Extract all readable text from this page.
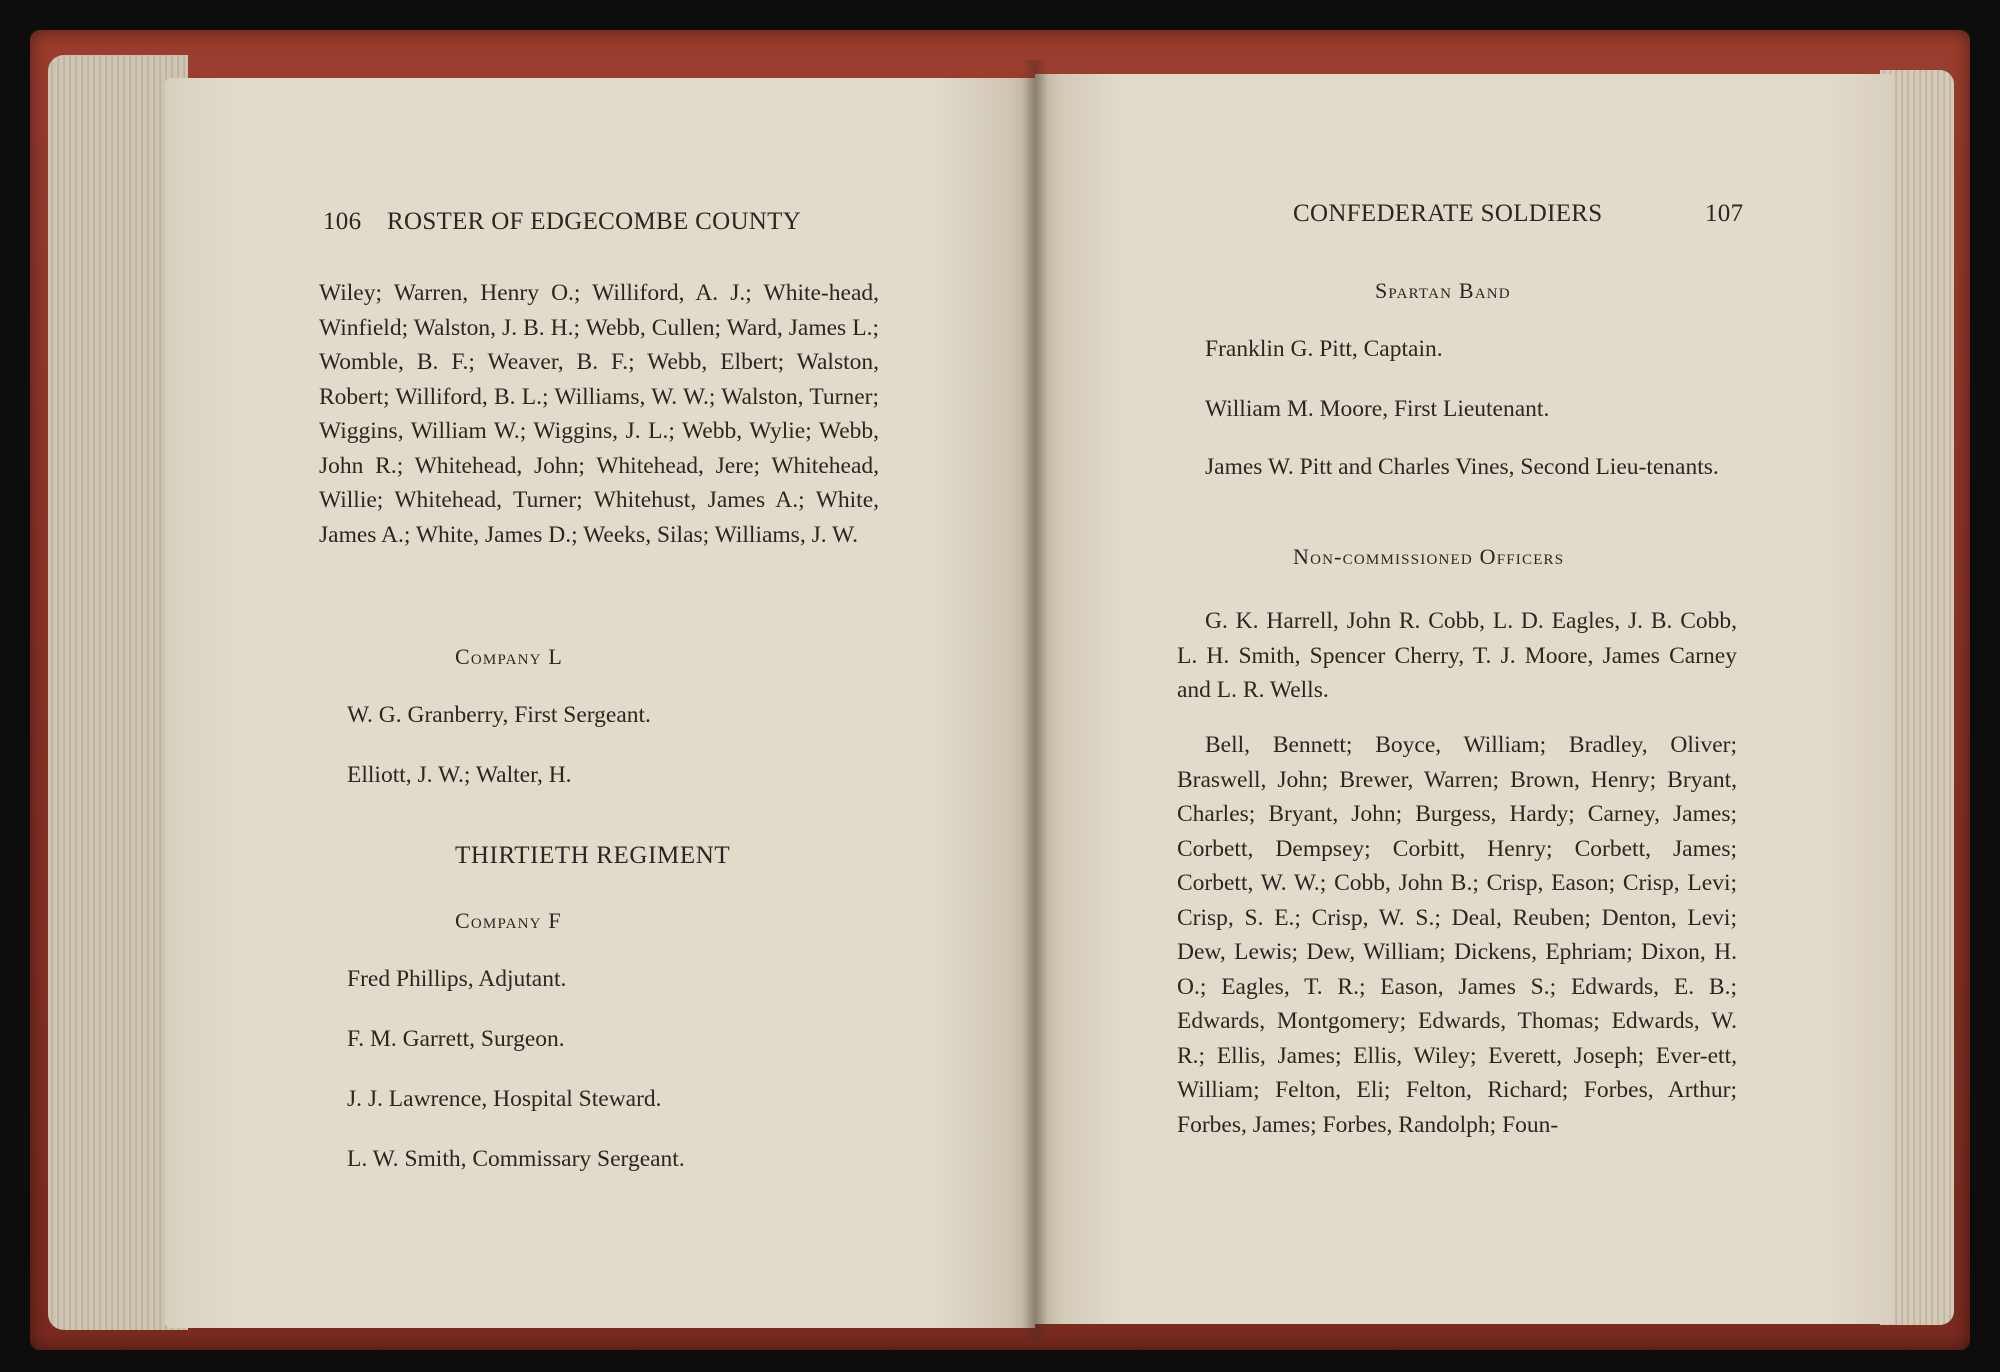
106 ROSTER OF EDGECOMBE COUNTY
Wiley; Warren, Henry O.; Williford, A. J.; White-head, Winfield; Walston, J. B. H.; Webb, Cullen; Ward, James L.; Womble, B. F.; Weaver, B. F.; Webb, Elbert; Walston, Robert; Williford, B. L.; Williams, W. W.; Walston, Turner; Wiggins, William W.; Wiggins, J. L.; Webb, Wylie; Webb, John R.; Whitehead, John; Whitehead, Jere; Whitehead, Willie; Whitehead, Turner; Whitehust, James A.; White, James A.; White, James D.; Weeks, Silas; Williams, J. W.
Company L
W. G. Granberry, First Sergeant.
Elliott, J. W.; Walter, H.
THIRTIETH REGIMENT
Company F
Fred Phillips, Adjutant.
F. M. Garrett, Surgeon.
J. J. Lawrence, Hospital Steward.
L. W. Smith, Commissary Sergeant.
CONFEDERATE SOLDIERS	107
Spartan Band
Franklin G. Pitt, Captain.
William M. Moore, First Lieutenant.
James W. Pitt and Charles Vines, Second Lieu-tenants.
Non-commissioned Officers
G. K. Harrell, John R. Cobb, L. D. Eagles, J. B. Cobb, L. H. Smith, Spencer Cherry, T. J. Moore, James Carney and L. R. Wells.
Bell, Bennett; Boyce, William; Bradley, Oliver; Braswell, John; Brewer, Warren; Brown, Henry; Bryant, Charles; Bryant, John; Burgess, Hardy; Carney, James; Corbett, Dempsey; Corbitt, Henry; Corbett, James; Corbett, W. W.; Cobb, John B.; Crisp, Eason; Crisp, Levi; Crisp, S. E.; Crisp, W. S.; Deal, Reuben; Denton, Levi; Dew, Lewis; Dew, William; Dickens, Ephriam; Dixon, H. O.; Eagles, T. R.; Eason, James S.; Edwards, E. B.; Edwards, Montgomery; Edwards, Thomas; Edwards, W. R.; Ellis, James; Ellis, Wiley; Everett, Joseph; Ever-ett, William; Felton, Eli; Felton, Richard; Forbes, Arthur; Forbes, James; Forbes, Randolph; Foun-
